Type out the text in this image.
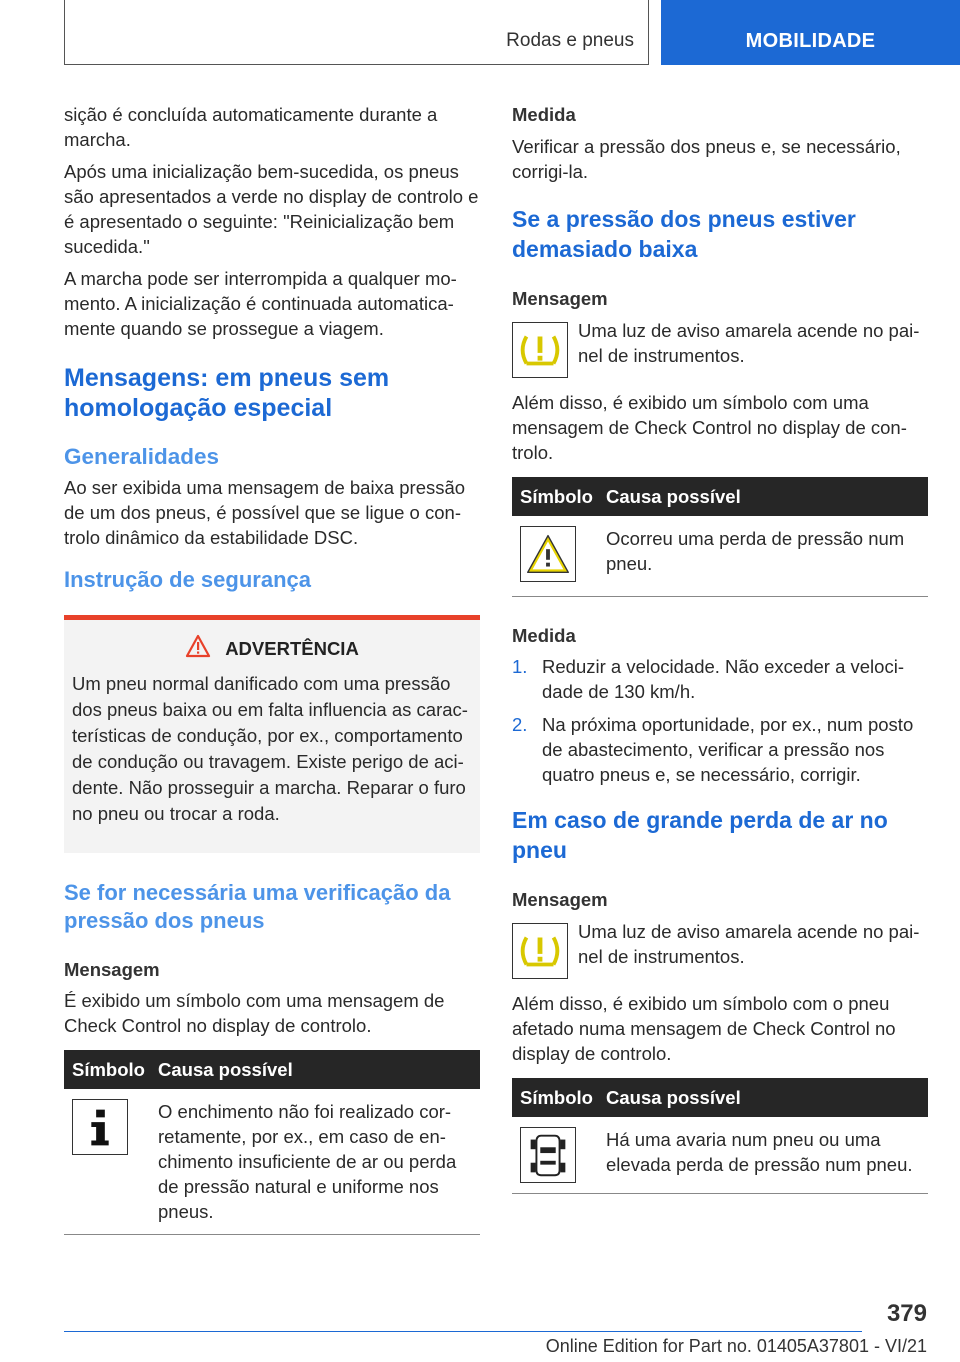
Rodas e pneus	MOBILIDADE

sição é concluída automaticamente durante a marcha.

Após uma inicialização bem-sucedida, os pneus são apresentados a verde no display de controlo e é apresentado o seguinte: "Reinicialização bem sucedida."

A marcha pode ser interrompida a qualquer momento. A inicialização é continuada automaticamente quando se prossegue a viagem.

Mensagens: em pneus sem homologação especial
Generalidades

Ao ser exibida uma mensagem de baixa pressão de um dos pneus, é possível que se ligue o controlo dinâmico da estabilidade DSC.

Instrução de segurança
ADVERTÊNCIA
Um pneu normal danificado com uma pressão dos pneus baixa ou em falta influencia as características de condução, por ex., comportamento de condução ou travagem. Existe perigo de acidente. Não prosseguir a marcha. Reparar o furo no pneu ou trocar a roda.
Se for necessária uma verificação da pressão dos pneus
Mensagem

É exibido um símbolo com uma mensagem de Check Control no display de controlo.

Símbolo Causa possível
O enchimento não foi realizado corretamente, por ex., em caso de enchimento insuficiente de ar ou perda de pressão natural e uniforme nos pneus.
Medida

Verificar a pressão dos pneus e, se necessário, corrigi-la.

Se a pressão dos pneus estiver demasiado baixa
Mensagem
Uma luz de aviso amarela acende no painel de instrumentos.

Além disso, é exibido um símbolo com uma mensagem de Check Control no display de controlo.

Símbolo Causa possível
Ocorreu uma perda de pressão num pneu.
Medida
1. Reduzir a velocidade. Não exceder a velocidade de 130 km/h.
2. Na próxima oportunidade, por ex., num posto de abastecimento, verificar a pressão nos quatro pneus e, se necessário, corrigir.
Em caso de grande perda de ar no pneu
Mensagem
Uma luz de aviso amarela acende no painel de instrumentos.

Além disso, é exibido um símbolo com o pneu afetado numa mensagem de Check Control no display de controlo.

Símbolo Causa possível
Há uma avaria num pneu ou uma elevada perda de pressão num pneu.
379
Online Edition for Part no. 01405A37801 - VI/21
